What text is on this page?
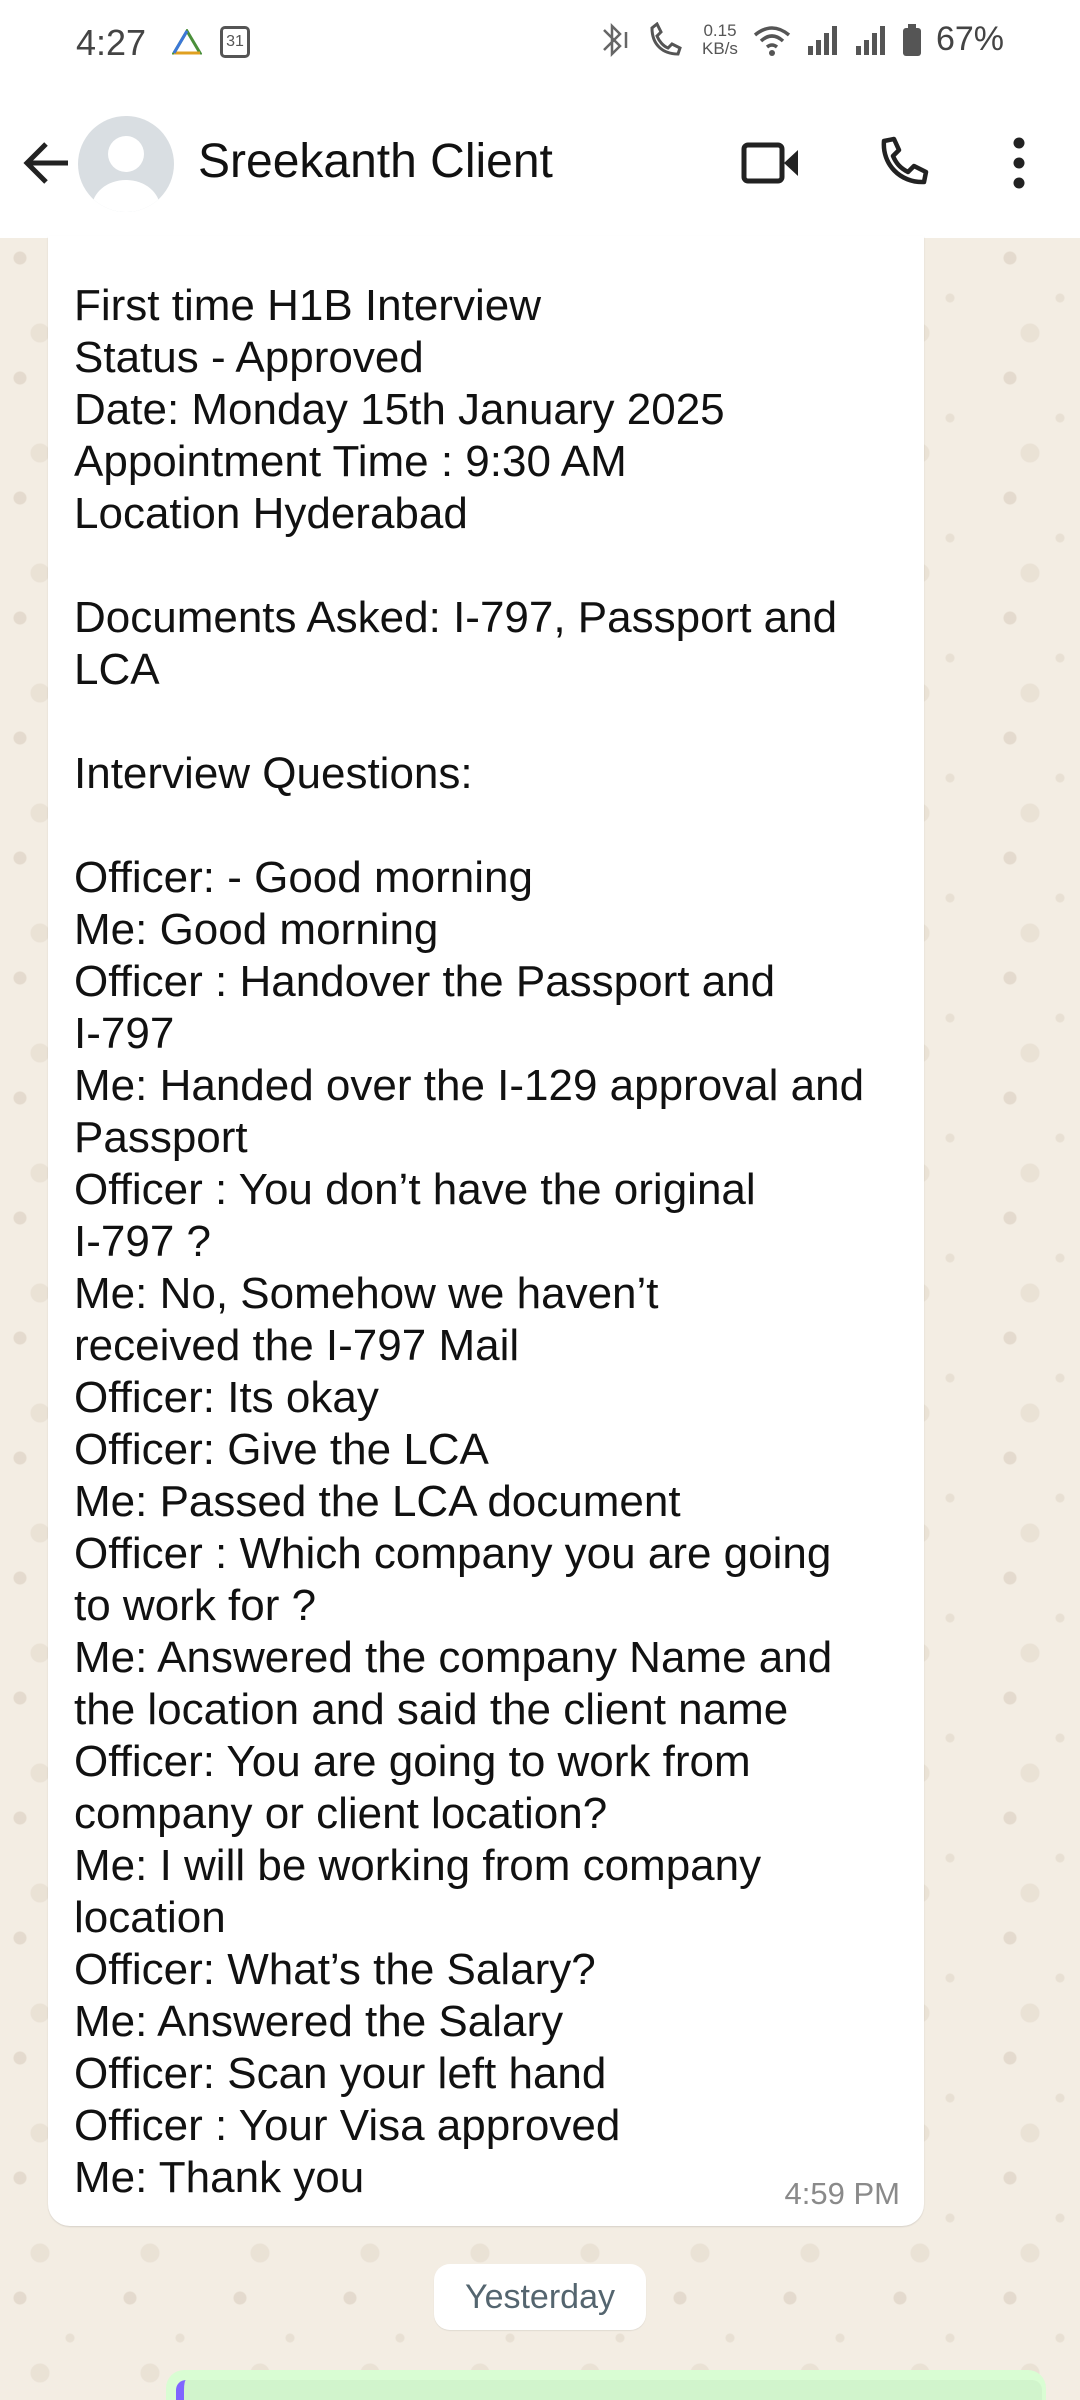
4:27	31
0.15
KB/s	67%
Sreekanth Client
First time H1B Interview
Status - Approved
Date: Monday 15th January 2025
Appointment Time : 9:30 AM
Location Hyderabad

Documents Asked: I-797, Passport and
LCA

Interview Questions:

Officer: - Good morning
Me: Good morning
Officer : Handover the Passport and
I-797
Me: Handed over the I-129 approval and
Passport
Officer : You don’t have the original
I-797 ?
Me: No, Somehow we haven’t
received the I-797 Mail
Officer: Its okay
Officer: Give the LCA
Me: Passed the LCA document
Officer : Which company you are going
to work for ?
Me: Answered the company Name and
the location and said the client name
Officer: You are going to work from
company or client location?
Me: I will be working from company
location
Officer: What’s the Salary?
Me: Answered the Salary
Officer: Scan your left hand
Officer : Your Visa approved
Me: Thank you	4:59 PM
Yesterday
